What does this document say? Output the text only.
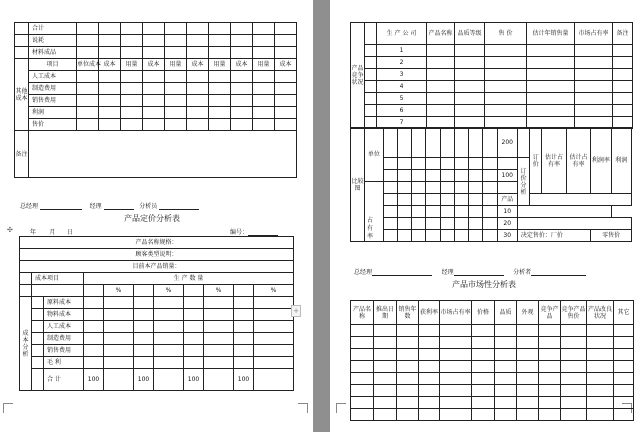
	合计										
	说耗										
	材料成品										
其他成本	项目	单位成本	成本	用量	成本	用量	成本	用量	成本	用量	成本
	人工成本										
	制造费用										
	销售费用										
	利润										
	售价										
备注											
总经理	经理	分析员
产品定价分析表
✣	年 月 日	编号：
产品名称规格：										
顾客类型说明：										
目前本产品销量：										
	成本项目		生 产 数 量							
				%		%		%		%
成本分析		原料成本								
		物料成本								
		人工成本								
		制造费用								
		销售费用								
		毛 利								
		合 计	100		100		100		100	
+
产品竞争状况		生 产 公 司	产品名称	品质等级	售 价	估计年销售量	市场占有率	备注
		1						
		2						
		3						
		4						
		5						
		6						
		7						
比较图	单位									200		订价	估计占有率	估计占有率	利润率	利润
											订价分析					
										100						

										产品						
										10						
										20						
										30	决定售价：厂价				零售价	
占有率
总经理	经理	分析者
产品市场性分析表
产品名称	推出日期	销售年数	获利率	市场占有率	价格	品质	外观	竞争产品	竞争产品售价	产品改良状况	其它
